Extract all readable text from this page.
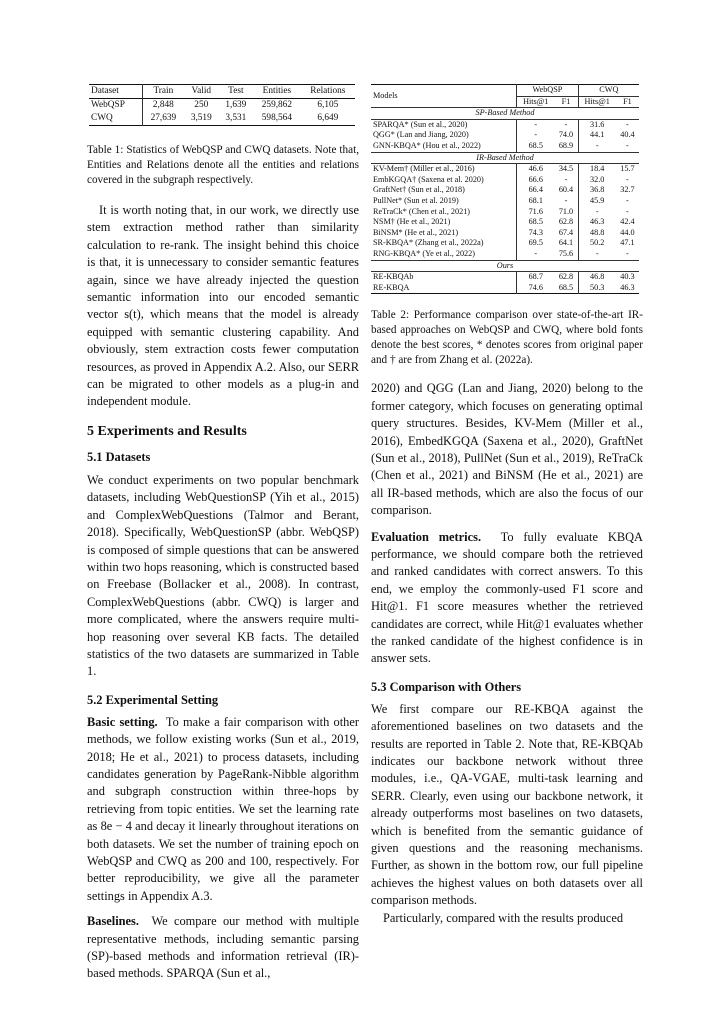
Dataset	Train	Valid	Test	Entities	Relations
WebQSP	2,848	250	1,639	259,862	6,105
CWQ	27,639	3,519	3,531	598,564	6,649
Table 1: Statistics of WebQSP and CWQ datasets. Note that, Entities and Relations denote all the entities and relations covered in the subgraph respectively.

It is worth noting that, in our work, we directly use stem extraction method rather than similarity calculation to re-rank. The insight behind this choice is that, it is unnecessary to consider semantic features again, since we have already injected the question semantic information into our encoded semantic vector s(t), which means that the model is already equipped with semantic clustering capability. And obviously, stem extraction costs fewer computation resources, as proved in Appendix A.2. Also, our SERR can be migrated to other models as a plug-in and independent module.

5 Experiments and Results
5.1 Datasets

We conduct experiments on two popular benchmark datasets, including WebQuestionSP (Yih et al., 2015) and ComplexWebQuestions (Talmor and Berant, 2018). Specifically, WebQuestionSP (abbr. WebQSP) is composed of simple questions that can be answered within two hops reasoning, which is constructed based on Freebase (Bollacker et al., 2008). In contrast, ComplexWebQuestions (abbr. CWQ) is larger and more complicated, where the answers require multi-hop reasoning over several KB facts. The detailed statistics of the two datasets are summarized in Table 1.

5.2 Experimental Setting

Basic setting. To make a fair comparison with other methods, we follow existing works (Sun et al., 2019, 2018; He et al., 2021) to process datasets, including candidates generation by PageRank-Nibble algorithm and subgraph construction within three-hops by retrieving from topic entities. We set the learning rate as 8e − 4 and decay it linearly throughout iterations on both datasets. We set the number of training epoch on WebQSP and CWQ as 200 and 100, respectively. For better reproducibility, we give all the parameter settings in Appendix A.3.

Baselines. We compare our method with multiple representative methods, including semantic parsing (SP)-based methods and information retrieval (IR)-based methods. SPARQA (Sun et al.,

Models	WebQSP		CWQ	
	Hits@1	F1	Hits@1	F1
SP-Based Method				
SPARQA* (Sun et al., 2020)	-	-	31.6	-
QGG* (Lan and Jiang, 2020)	-	74.0	44.1	40.4
GNN-KBQA* (Hou et al., 2022)	68.5	68.9	-	-
IR-Based Method				
KV-Mem† (Miller et al., 2016)	46.6	34.5	18.4	15.7
EmbKGQA† (Saxena et al. 2020)	66.6	-	32.0	-
GraftNet† (Sun et al., 2018)	66.4	60.4	36.8	32.7
PullNet* (Sun et al. 2019)	68.1	-	45.9	-
ReTraCk* (Chen et al., 2021)	71.6	71.0	-	-
NSM† (He et al., 2021)	68.5	62.8	46.3	42.4
BiNSM* (He et al., 2021)	74.3	67.4	48.8	44.0
SR-KBQA* (Zhang et al., 2022a)	69.5	64.1	50.2	47.1
RNG-KBQA* (Ye et al., 2022)	-	75.6	-	-
Ours				
RE-KBQAb	68.7	62.8	46.8	40.3
RE-KBQA	74.6	68.5	50.3	46.3
Table 2: Performance comparison over state-of-the-art IR-based approaches on WebQSP and CWQ, where bold fonts denote the best scores, * denotes scores from original paper and † are from Zhang et al. (2022a).

2020) and QGG (Lan and Jiang, 2020) belong to the former category, which focuses on generating optimal query structures. Besides, KV-Mem (Miller et al., 2016), EmbedKGQA (Saxena et al., 2020), GraftNet (Sun et al., 2018), PullNet (Sun et al., 2019), ReTraCk (Chen et al., 2021) and BiNSM (He et al., 2021) are all IR-based methods, which are also the focus of our comparison.

Evaluation metrics. To fully evaluate KBQA performance, we should compare both the retrieved and ranked candidates with correct answers. To this end, we employ the commonly-used F1 score and Hit@1. F1 score measures whether the retrieved candidates are correct, while Hit@1 evaluates whether the ranked candidate of the highest confidence is in answer sets.

5.3 Comparison with Others

We first compare our RE-KBQA against the aforementioned baselines on two datasets and the results are reported in Table 2. Note that, RE-KBQAb indicates our backbone network without three modules, i.e., QA-VGAE, multi-task learning and SERR. Clearly, even using our backbone network, it already outperforms most baselines on two datasets, which is benefited from the semantic guidance of given questions and the reasoning mechanisms. Further, as shown in the bottom row, our full pipeline achieves the highest values on both datasets over all comparison methods.

Particularly, compared with the results produced
